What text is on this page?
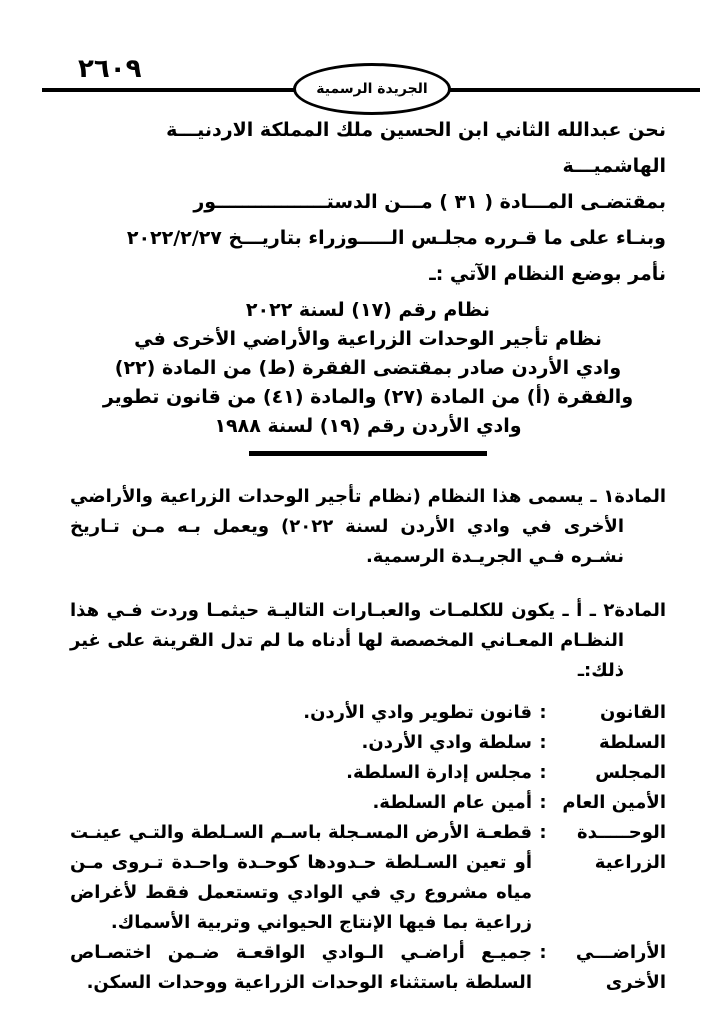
٢٦٠٩
الجريدة الرسمية
نحن عبدالله الثاني ابن الحسين ملك المملكة الاردنيـــة الهاشميـــة
بمقتضـى المـــادة ( ٣١ ) مـــن الدستـــــــــــــــــور
وبنـاء على ما قـرره مجلـس الـــــوزراء بتاريـــخ ٢٠٢٢/٢/٢٧
نأمر بوضع النظام الآتي :ـ
نظام رقم (١٧) لسنة ٢٠٢٢
نظام تأجير الوحدات الزراعية والأراضي الأخرى في
وادي الأردن صادر بمقتضى الفقرة (ط) من المادة (٢٢)
والفقرة (أ) من المادة (٢٧) والمادة (٤١) من قانون تطوير
وادي الأردن رقم (١٩) لسنة ١٩٨٨

المادة١ ـ يسمى هذا النظام (نظام تأجير الوحدات الزراعية والأراضي الأخرى في وادي الأردن لسنة ٢٠٢٢) ويعمل بـه مـن تـاريخ نشـره فـي الجريـدة الرسمية.

المادة٢ ـ أ ـ يكون للكلمـات والعبـارات التاليـة حيثمـا وردت فـي هذا النظـام المعـاني المخصصة لها أدناه ما لم تدل القرينة على غير ذلك:ـ

القانون	:	قانون تطوير وادي الأردن.
السلطة	:	سلطة وادي الأردن.
المجلس	:	مجلس إدارة السلطة.
الأمين العام	:	أمين عام السلطة.
الوحـــــدة الزراعية	:	قطعـة الأرض المسـجلة باسـم السـلطة والتـي عينـت أو تعين السـلطة حـدودها كوحـدة واحـدة تـروى مـن مياه مشروع ري في الوادي وتستعمل فقط لأغراض زراعية بما فيها الإنتاج الحيواني وتربية الأسماك.
الأراضـــي الأخرى	:	جميـع أراضـي الـوادي الواقعـة ضـمن اختصـاص السلطة باستثناء الوحدات الزراعية ووحدات السكن.
